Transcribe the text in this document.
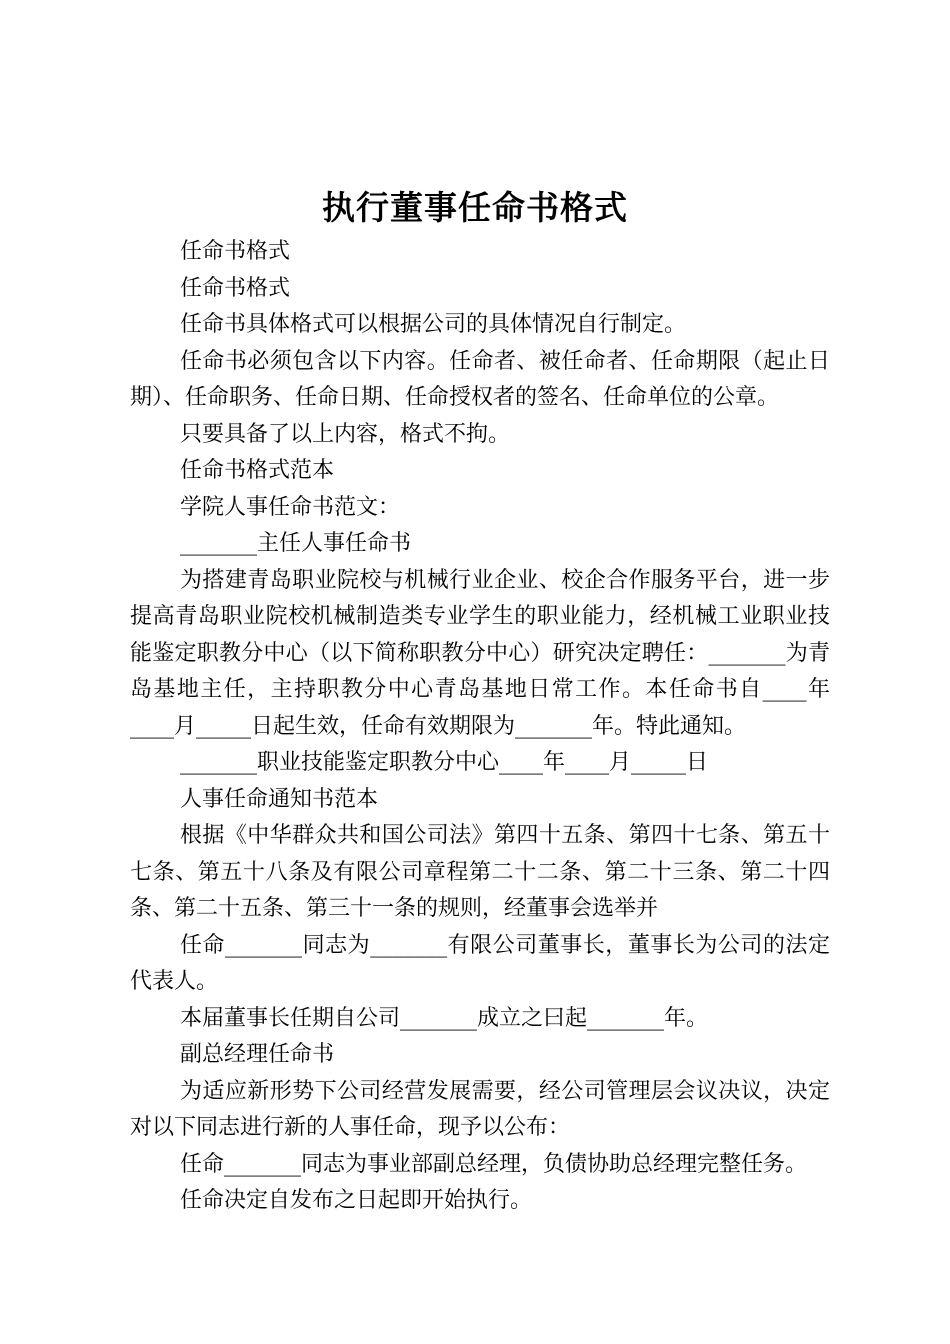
执行董事任命书格式

任命书格式

任命书格式

任命书具体格式可以根据公司的具体情况自行制定。

任命书必须包含以下内容。任命者、被任命者、任命期限（起止日期）、任命职务、任命日期、任命授权者的签名、任命单位的公章。

只要具备了以上内容，格式不拘。

任命书格式范本

学院人事任命书范文：

_______主任人事任命书

为搭建青岛职业院校与机械行业企业、校企合作服务平台，进一步提高青岛职业院校机械制造类专业学生的职业能力，经机械工业职业技能鉴定职教分中心（以下简称职教分中心）研究决定聘任：_______为青岛基地主任，主持职教分中心青岛基地日常工作。本任命书自____年____月_____日起生效，任命有效期限为_______年。特此通知。

_______职业技能鉴定职教分中心____年____月_____日

人事任命通知书范本

根据《中华群众共和国公司法》第四十五条、第四十七条、第五十七条、第五十八条及有限公司章程第二十二条、第二十三条、第二十四条、第二十五条、第三十一条的规则，经董事会选举并

任命_______同志为_______有限公司董事长，董事长为公司的法定代表人。

本届董事长任期自公司_______成立之曰起_______年。

副总经理任命书

为适应新形势下公司经营发展需要，经公司管理层会议决议，决定对以下同志进行新的人事任命，现予以公布：

任命_______同志为事业部副总经理，负债协助总经理完整任务。

任命决定自发布之日起即开始执行。
